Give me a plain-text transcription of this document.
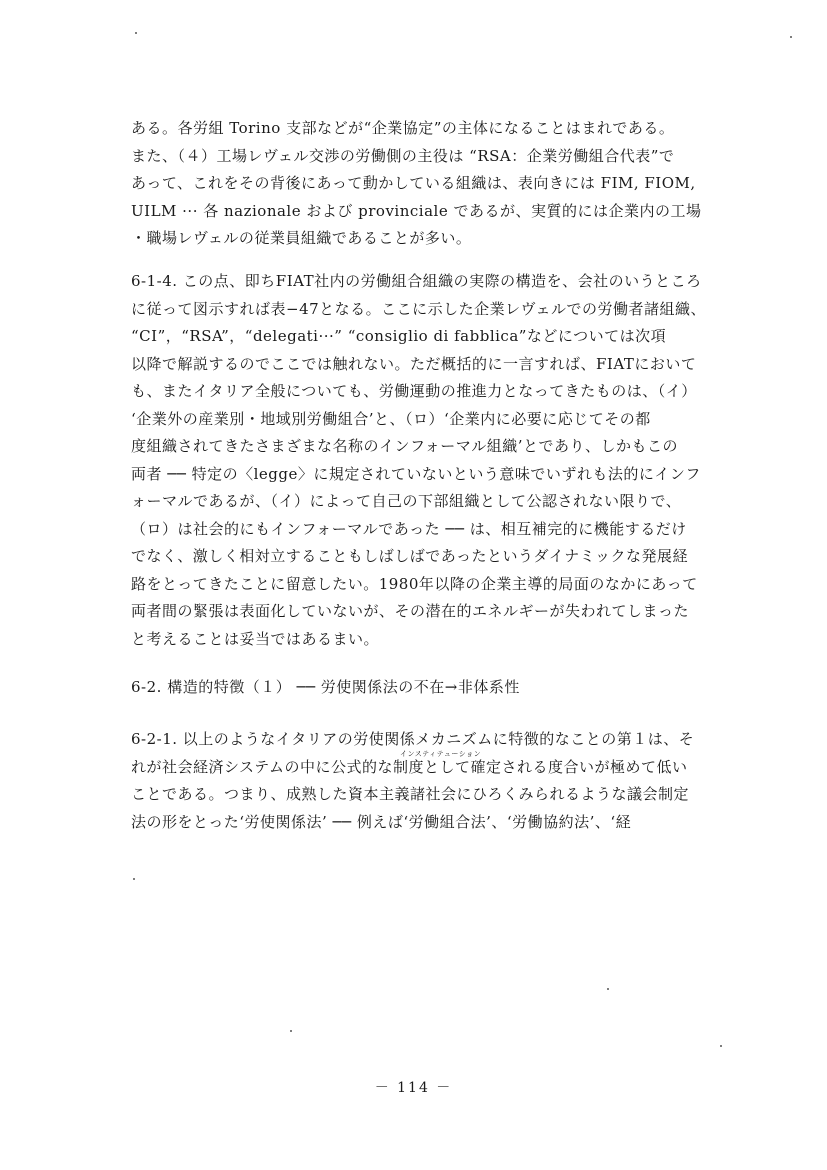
ある。各労組 Torino 支部などが“企業協定”の主体になることはまれである。
また、（４）工場レヴェル交渉の労働側の主役は “RSA：企業労働組合代表”で
あって、これをその背後にあって動かしている組織は、表向きには FIM, FIOM,
UILM ··· 各 nazionale および provinciale であるが、実質的には企業内の工場
・職場レヴェルの従業員組織であることが多い。
6-1-4. この点、即ちFIAT社内の労働組合組織の実際の構造を、会社のいうところ
に従って図示すれば表−47となる。ここに示した企業レヴェルでの労働者諸組織、
“CI”，“RSA”，“delegati···” “consiglio di fabblica”などについては次項
以降で解説するのでここでは触れない。ただ概括的に一言すれば、FIATにおいて
も、またイタリア全般についても、労働運動の推進力となってきたものは、（イ）
‘企業外の産業別・地域別労働組合’と、（ロ）‘企業内に必要に応じてその都
度組織されてきたさまざまな名称のインフォーマル組織’とであり、しかもこの
両者 ── 特定の〈legge〉に規定されていないという意味でいずれも法的にインフ
ォーマルであるが、（イ）によって自己の下部組織として公認されない限りで、
（ロ）は社会的にもインフォーマルであった ── は、相互補完的に機能するだけ
でなく、激しく相対立することもしばしばであったというダイナミックな発展経
路をとってきたことに留意したい。1980年以降の企業主導的局面のなかにあって
両者間の緊張は表面化していないが、その潜在的エネルギーが失われてしまった
と考えることは妥当ではあるまい。
6-2. 構造的特徴（１） ── 労使関係法の不在→非体系性
インスティテューション
6-2-1. 以上のようなイタリアの労使関係メカニズムに特徴的なことの第１は、そ
れが社会経済システムの中に公式的な制度として確定される度合いが極めて低い
ことである。つまり、成熟した資本主義諸社会にひろくみられるような議会制定
法の形をとった‘労使関係法’ ── 例えば‘労働組合法’、‘労働協約法’、‘経
－ 114 －
